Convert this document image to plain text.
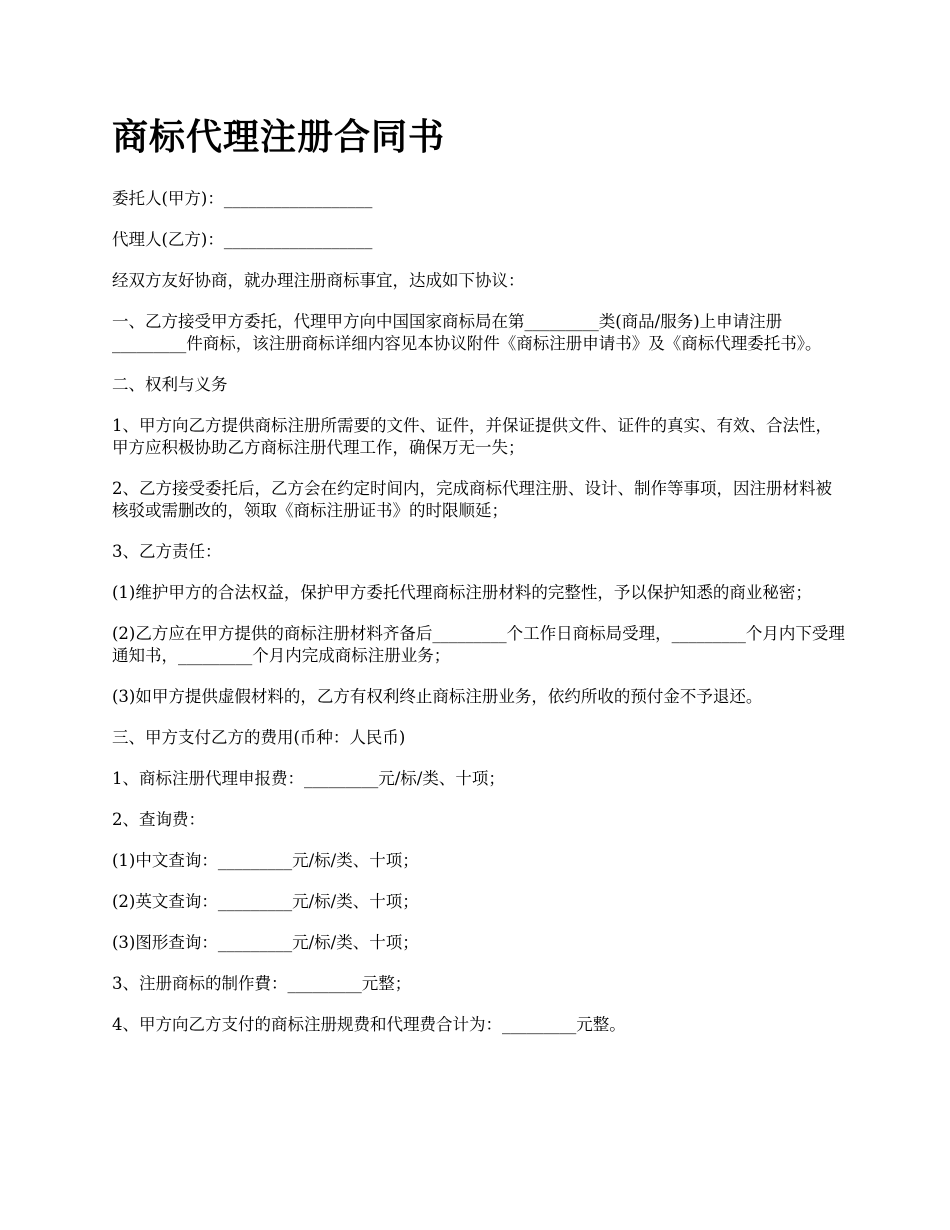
商标代理注册合同书

委托人(甲方)：__________________

代理人(乙方)：__________________

经双方友好协商，就办理注册商标事宜，达成如下协议：

一、乙方接受甲方委托，代理甲方向中国国家商标局在第_________类(商品/服务)上申请注册_________件商标，该注册商标详细内容见本协议附件《商标注册申请书》及《商标代理委托书》。

二、权利与义务

1、甲方向乙方提供商标注册所需要的文件、证件，并保证提供文件、证件的真实、有效、合法性，甲方应积极协助乙方商标注册代理工作，确保万无一失；

2、乙方接受委托后，乙方会在约定时间内，完成商标代理注册、设计、制作等事项，因注册材料被核驳或需删改的，领取《商标注册证书》的时限顺延；

3、乙方责任：

(1)维护甲方的合法权益，保护甲方委托代理商标注册材料的完整性，予以保护知悉的商业秘密；

(2)乙方应在甲方提供的商标注册材料齐备后_________个工作日商标局受理，_________个月内下受理通知书，_________个月内完成商标注册业务；

(3)如甲方提供虚假材料的，乙方有权利终止商标注册业务，依约所收的预付金不予退还。

三、甲方支付乙方的费用(币种：人民币)

1、商标注册代理申报费：_________元/标/类、十项；

2、查询费：

(1)中文查询：_________元/标/类、十项；

(2)英文查询：_________元/标/类、十项；

(3)图形查询：_________元/标/类、十项；

3、注册商标的制作費：_________元整；

4、甲方向乙方支付的商标注册规费和代理费合计为：_________元整。
